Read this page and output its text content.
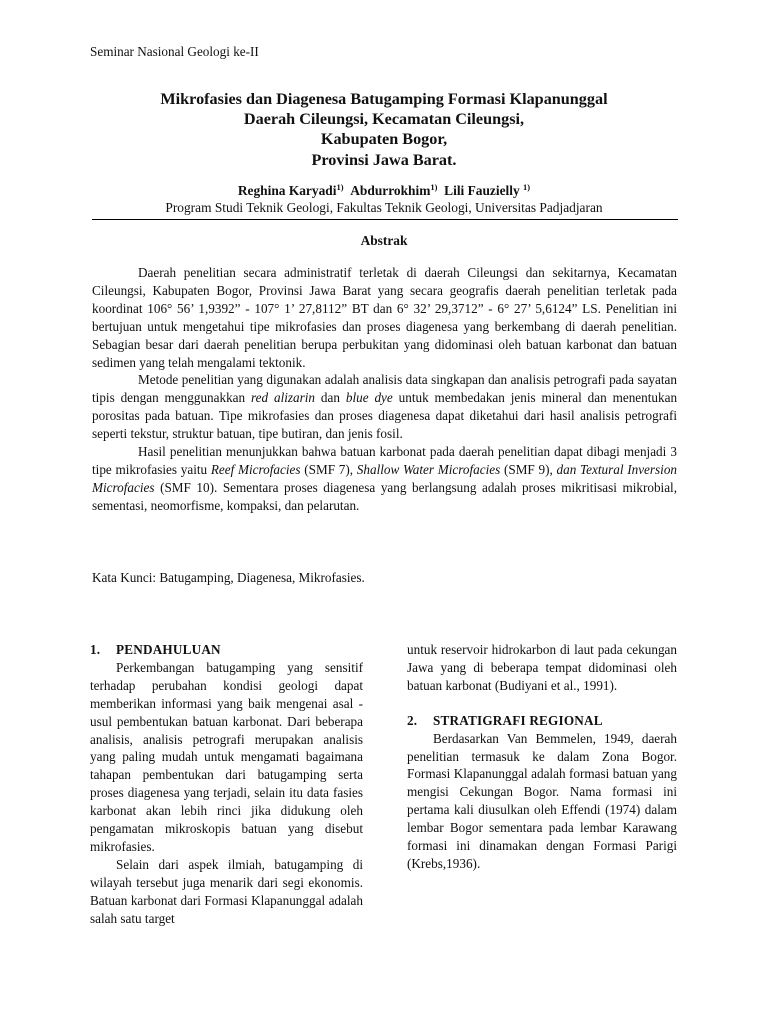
Seminar Nasional Geologi ke-II
Mikrofasies dan Diagenesa Batugamping Formasi Klapanunggal
Daerah Cileungsi, Kecamatan Cileungsi,
Kabupaten Bogor,
Provinsi Jawa Barat.
Reghina Karyadi$^{1)}$ Abdurrokhim$^{1)}$ Lili Fauzielly $^{1)}$
Program Studi Teknik Geologi, Fakultas Teknik Geologi, Universitas Padjadjaran
Abstrak

Daerah penelitian secara administratif terletak di daerah Cileungsi dan sekitarnya, Kecamatan Cileungsi, Kabupaten Bogor, Provinsi Jawa Barat yang secara geografis daerah penelitian terletak pada koordinat 106° 56’ 1,9392” - 107° 1’ 27,8112” BT dan 6° 32’ 29,3712” - 6° 27’ 5,6124” LS. Penelitian ini bertujuan untuk mengetahui tipe mikrofasies dan proses diagenesa yang berkembang di daerah penelitian. Sebagian besar dari daerah penelitian berupa perbukitan yang didominasi oleh batuan karbonat dan batuan sedimen yang telah mengalami tektonik.

Metode penelitian yang digunakan adalah analisis data singkapan dan analisis petrografi pada sayatan tipis dengan menggunakkan red alizarin dan blue dye untuk membedakan jenis mineral dan menentukan porositas pada batuan. Tipe mikrofasies dan proses diagenesa dapat diketahui dari hasil analisis petrografi seperti tekstur, struktur batuan, tipe butiran, dan jenis fosil.

Hasil penelitian menunjukkan bahwa batuan karbonat pada daerah penelitian dapat dibagi menjadi 3 tipe mikrofasies yaitu Reef Microfacies (SMF 7), Shallow Water Microfacies (SMF 9), dan Textural Inversion Microfacies (SMF 10). Sementara proses diagenesa yang berlangsung adalah proses mikritisasi mikrobial, sementasi, neomorfisme, kompaksi, dan pelarutan.

Kata Kunci: Batugamping, Diagenesa, Mikrofasies.
1. PENDAHULUAN

Perkembangan batugamping yang sensitif terhadap perubahan kondisi geologi dapat memberikan informasi yang baik mengenai asal - usul pembentukan batuan karbonat. Dari beberapa analisis, analisis petrografi merupakan analisis yang paling mudah untuk mengamati bagaimana tahapan pembentukan dari batugamping serta proses diagenesa yang terjadi, selain itu data fasies karbonat akan lebih rinci jika didukung oleh pengamatan mikroskopis batuan yang disebut mikrofasies.

Selain dari aspek ilmiah, batugamping di wilayah tersebut juga menarik dari segi ekonomis. Batuan karbonat dari Formasi Klapanunggal adalah salah satu target

untuk reservoir hidrokarbon di laut pada cekungan Jawa yang di beberapa tempat didominasi oleh batuan karbonat (Budiyani et al., 1991).

2. STRATIGRAFI REGIONAL

Berdasarkan Van Bemmelen, 1949, daerah penelitian termasuk ke dalam Zona Bogor. Formasi Klapanunggal adalah formasi batuan yang mengisi Cekungan Bogor. Nama formasi ini pertama kali diusulkan oleh Effendi (1974) dalam lembar Bogor sementara pada lembar Karawang formasi ini dinamakan dengan Formasi Parigi (Krebs,1936).
